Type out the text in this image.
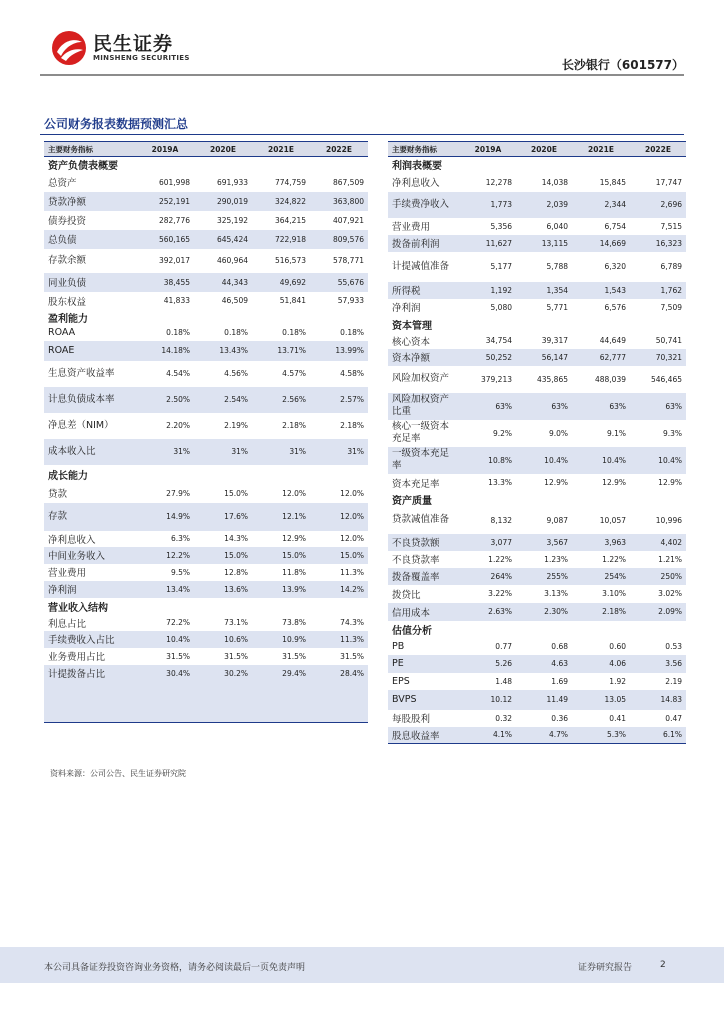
民生证券
MINSHENG SECURITIES	长沙银行（601577）
公司财务报表数据预测汇总
主要财务指标	2019A	2020E	2021E	2022E
资产负债表概要				
总资产	601,998	691,933	774,759	867,509
贷款净额	252,191	290,019	324,822	363,800
债券投资	282,776	325,192	364,215	407,921
总负债	560,165	645,424	722,918	809,576
存款余额	392,017	460,964	516,573	578,771
同业负债	38,455	44,343	49,692	55,676
股东权益	41,833	46,509	51,841	57,933
盈利能力				
ROAA	0.18%	0.18%	0.18%	0.18%
ROAE	14.18%	13.43%	13.71%	13.99%
生息资产收益率	4.54%	4.56%	4.57%	4.58%
计息负债成本率	2.50%	2.54%	2.56%	2.57%
净息差（NIM）	2.20%	2.19%	2.18%	2.18%
成本收入比	31%	31%	31%	31%
成长能力				
贷款	27.9%	15.0%	12.0%	12.0%
存款	14.9%	17.6%	12.1%	12.0%
净利息收入	6.3%	14.3%	12.9%	12.0%
中间业务收入	12.2%	15.0%	15.0%	15.0%
营业费用	9.5%	12.8%	11.8%	11.3%
净利润	13.4%	13.6%	13.9%	14.2%
营业收入结构				
利息占比	72.2%	73.1%	73.8%	74.3%
手续费收入占比	10.4%	10.6%	10.9%	11.3%
业务费用占比	31.5%	31.5%	31.5%	31.5%
计提拨备占比	30.4%	30.2%	29.4%	28.4%

主要财务指标	2019A	2020E	2021E	2022E
利润表概要				
净利息收入	12,278	14,038	15,845	17,747
手续费净收入	1,773	2,039	2,344	2,696
营业费用	5,356	6,040	6,754	7,515
拨备前利润	11,627	13,115	14,669	16,323
计提减值准备	5,177	5,788	6,320	6,789
所得税	1,192	1,354	1,543	1,762
净利润	5,080	5,771	6,576	7,509
资本管理				
核心资本	34,754	39,317	44,649	50,741
资本净额	50,252	56,147	62,777	70,321
风险加权资产	379,213	435,865	488,039	546,465
风险加权资产比重	63%	63%	63%	63%
核心一级资本充足率	9.2%	9.0%	9.1%	9.3%
一级资本充足率	10.8%	10.4%	10.4%	10.4%
资本充足率	13.3%	12.9%	12.9%	12.9%
资产质量				
贷款减值准备	8,132	9,087	10,057	10,996
不良贷款额	3,077	3,567	3,963	4,402
不良贷款率	1.22%	1.23%	1.22%	1.21%
拨备覆盖率	264%	255%	254%	250%
拨贷比	3.22%	3.13%	3.10%	3.02%
信用成本	2.63%	2.30%	2.18%	2.09%
估值分析				
PB	0.77	0.68	0.60	0.53
PE	5.26	4.63	4.06	3.56
EPS	1.48	1.69	1.92	2.19
BVPS	10.12	11.49	13.05	14.83
每股股利	0.32	0.36	0.41	0.47
股息收益率	4.1%	4.7%	5.3%	6.1%
资料来源：公司公告、民生证券研究院
本公司具备证券投资咨询业务资格，请务必阅读最后一页免责声明	证券研究报告	2
